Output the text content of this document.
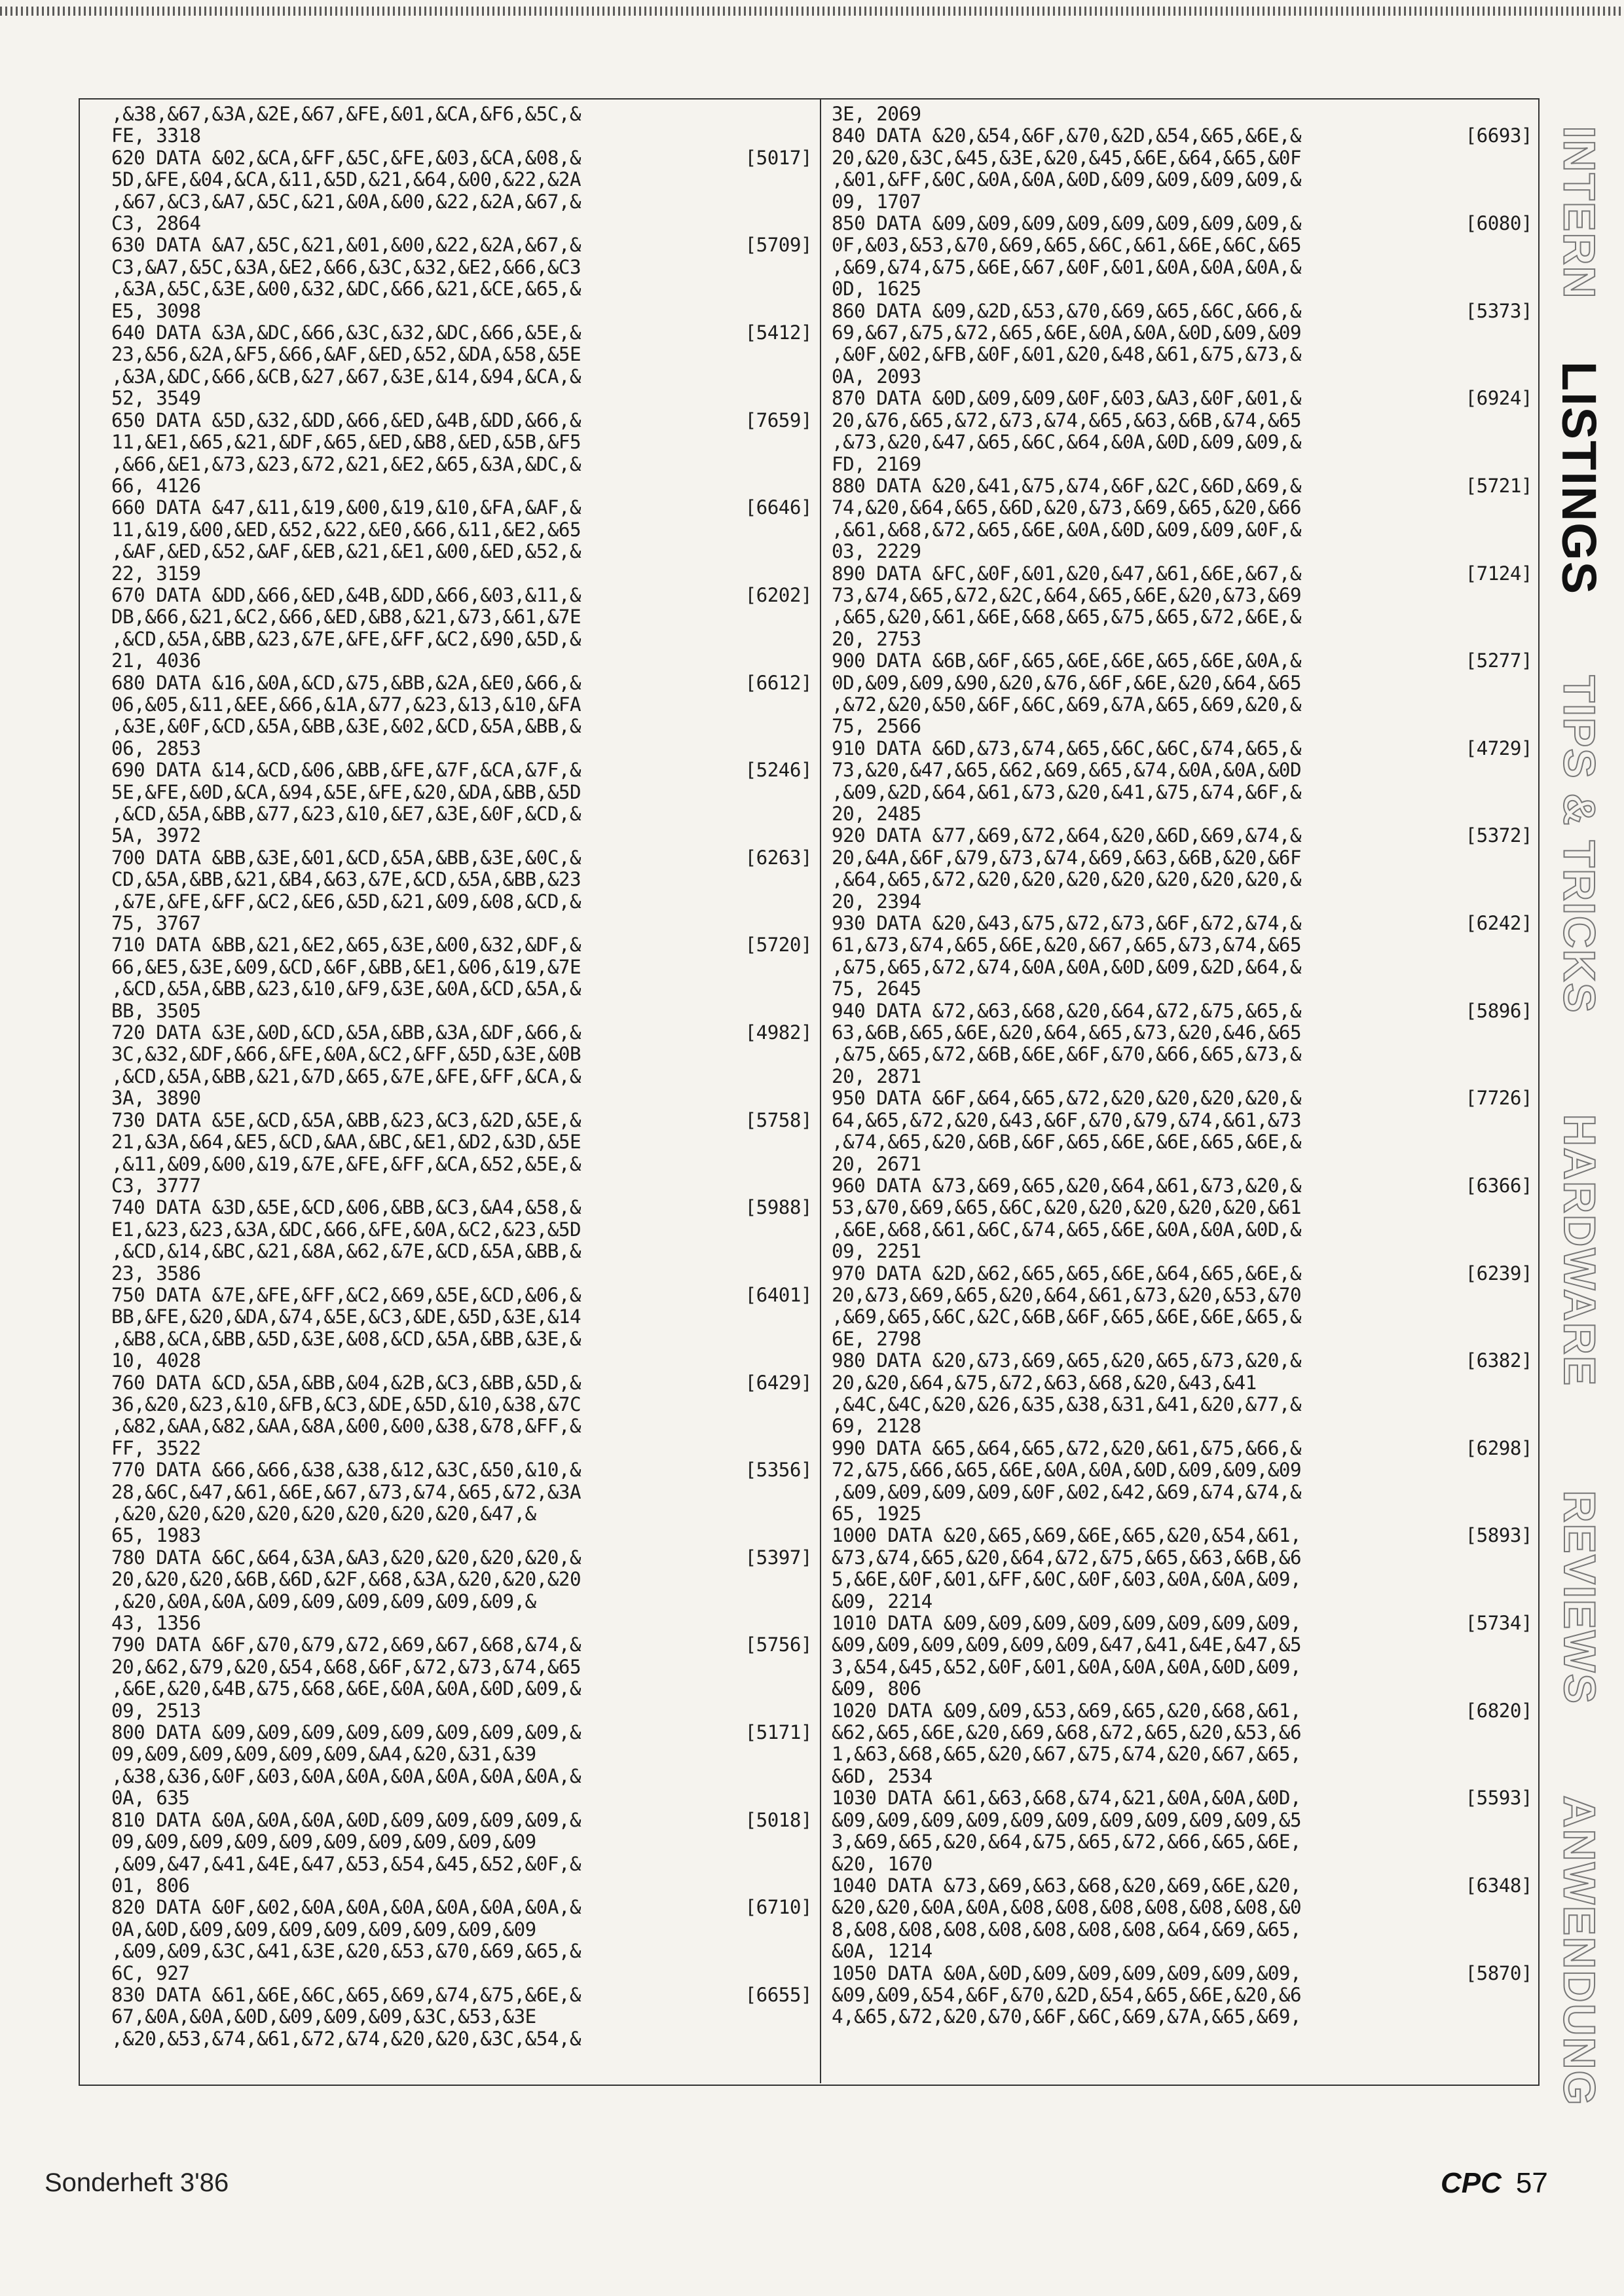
,&38,&67,&3A,&2E,&67,&FE,&01,&CA,&F6,&5C,&
FE, 3318
620 DATA &02,&CA,&FF,&5C,&FE,&03,&CA,&08,&
5D,&FE,&04,&CA,&11,&5D,&21,&64,&00,&22,&2A
,&67,&C3,&A7,&5C,&21,&0A,&00,&22,&2A,&67,&
C3, 2864
[5017]
630 DATA &A7,&5C,&21,&01,&00,&22,&2A,&67,&
C3,&A7,&5C,&3A,&E2,&66,&3C,&32,&E2,&66,&C3
,&3A,&5C,&3E,&00,&32,&DC,&66,&21,&CE,&65,&
E5, 3098
[5709]
640 DATA &3A,&DC,&66,&3C,&32,&DC,&66,&5E,&
23,&56,&2A,&F5,&66,&AF,&ED,&52,&DA,&58,&5E
,&3A,&DC,&66,&CB,&27,&67,&3E,&14,&94,&CA,&
52, 3549
[5412]
650 DATA &5D,&32,&DD,&66,&ED,&4B,&DD,&66,&
11,&E1,&65,&21,&DF,&65,&ED,&B8,&ED,&5B,&F5
,&66,&E1,&73,&23,&72,&21,&E2,&65,&3A,&DC,&
66, 4126
[7659]
660 DATA &47,&11,&19,&00,&19,&10,&FA,&AF,&
11,&19,&00,&ED,&52,&22,&E0,&66,&11,&E2,&65
,&AF,&ED,&52,&AF,&EB,&21,&E1,&00,&ED,&52,&
22, 3159
[6646]
670 DATA &DD,&66,&ED,&4B,&DD,&66,&03,&11,&
DB,&66,&21,&C2,&66,&ED,&B8,&21,&73,&61,&7E
,&CD,&5A,&BB,&23,&7E,&FE,&FF,&C2,&90,&5D,&
21, 4036
[6202]
680 DATA &16,&0A,&CD,&75,&BB,&2A,&E0,&66,&
06,&05,&11,&EE,&66,&1A,&77,&23,&13,&10,&FA
,&3E,&0F,&CD,&5A,&BB,&3E,&02,&CD,&5A,&BB,&
06, 2853
[6612]
690 DATA &14,&CD,&06,&BB,&FE,&7F,&CA,&7F,&
5E,&FE,&0D,&CA,&94,&5E,&FE,&20,&DA,&BB,&5D
,&CD,&5A,&BB,&77,&23,&10,&E7,&3E,&0F,&CD,&
5A, 3972
[5246]
700 DATA &BB,&3E,&01,&CD,&5A,&BB,&3E,&0C,&
CD,&5A,&BB,&21,&B4,&63,&7E,&CD,&5A,&BB,&23
,&7E,&FE,&FF,&C2,&E6,&5D,&21,&09,&08,&CD,&
75, 3767
[6263]
710 DATA &BB,&21,&E2,&65,&3E,&00,&32,&DF,&
66,&E5,&3E,&09,&CD,&6F,&BB,&E1,&06,&19,&7E
,&CD,&5A,&BB,&23,&10,&F9,&3E,&0A,&CD,&5A,&
BB, 3505
[5720]
720 DATA &3E,&0D,&CD,&5A,&BB,&3A,&DF,&66,&
3C,&32,&DF,&66,&FE,&0A,&C2,&FF,&5D,&3E,&0B
,&CD,&5A,&BB,&21,&7D,&65,&7E,&FE,&FF,&CA,&
3A, 3890
[4982]
730 DATA &5E,&CD,&5A,&BB,&23,&C3,&2D,&5E,&
21,&3A,&64,&E5,&CD,&AA,&BC,&E1,&D2,&3D,&5E
,&11,&09,&00,&19,&7E,&FE,&FF,&CA,&52,&5E,&
C3, 3777
[5758]
740 DATA &3D,&5E,&CD,&06,&BB,&C3,&A4,&58,&
E1,&23,&23,&3A,&DC,&66,&FE,&0A,&C2,&23,&5D
,&CD,&14,&BC,&21,&8A,&62,&7E,&CD,&5A,&BB,&
23, 3586
[5988]
750 DATA &7E,&FE,&FF,&C2,&69,&5E,&CD,&06,&
BB,&FE,&20,&DA,&74,&5E,&C3,&DE,&5D,&3E,&14
,&B8,&CA,&BB,&5D,&3E,&08,&CD,&5A,&BB,&3E,&
10, 4028
[6401]
760 DATA &CD,&5A,&BB,&04,&2B,&C3,&BB,&5D,&
36,&20,&23,&10,&FB,&C3,&DE,&5D,&10,&38,&7C
,&82,&AA,&82,&AA,&8A,&00,&00,&38,&78,&FF,&
FF, 3522
[6429]
770 DATA &66,&66,&38,&38,&12,&3C,&50,&10,&
28,&6C,&47,&61,&6E,&67,&73,&74,&65,&72,&3A
,&20,&20,&20,&20,&20,&20,&20,&20,&47,&
65, 1983
[5356]
780 DATA &6C,&64,&3A,&A3,&20,&20,&20,&20,&
20,&20,&20,&6B,&6D,&2F,&68,&3A,&20,&20,&20
,&20,&0A,&0A,&09,&09,&09,&09,&09,&09,&
43, 1356
[5397]
790 DATA &6F,&70,&79,&72,&69,&67,&68,&74,&
20,&62,&79,&20,&54,&68,&6F,&72,&73,&74,&65
,&6E,&20,&4B,&75,&68,&6E,&0A,&0A,&0D,&09,&
09, 2513
[5756]
800 DATA &09,&09,&09,&09,&09,&09,&09,&09,&
09,&09,&09,&09,&09,&09,&A4,&20,&31,&39
,&38,&36,&0F,&03,&0A,&0A,&0A,&0A,&0A,&0A,&
0A, 635
[5171]
810 DATA &0A,&0A,&0A,&0D,&09,&09,&09,&09,&
09,&09,&09,&09,&09,&09,&09,&09,&09,&09
,&09,&47,&41,&4E,&47,&53,&54,&45,&52,&0F,&
01, 806
[5018]
820 DATA &0F,&02,&0A,&0A,&0A,&0A,&0A,&0A,&
0A,&0D,&09,&09,&09,&09,&09,&09,&09,&09
,&09,&09,&3C,&41,&3E,&20,&53,&70,&69,&65,&
6C, 927
[6710]
830 DATA &61,&6E,&6C,&65,&69,&74,&75,&6E,&
67,&0A,&0A,&0D,&09,&09,&09,&3C,&53,&3E
,&20,&53,&74,&61,&72,&74,&20,&20,&3C,&54,&
[6655]
3E, 2069
840 DATA &20,&54,&6F,&70,&2D,&54,&65,&6E,&
20,&20,&3C,&45,&3E,&20,&45,&6E,&64,&65,&0F
,&01,&FF,&0C,&0A,&0A,&0D,&09,&09,&09,&09,&
09, 1707
[6693]
850 DATA &09,&09,&09,&09,&09,&09,&09,&09,&
0F,&03,&53,&70,&69,&65,&6C,&61,&6E,&6C,&65
,&69,&74,&75,&6E,&67,&0F,&01,&0A,&0A,&0A,&
0D, 1625
[6080]
860 DATA &09,&2D,&53,&70,&69,&65,&6C,&66,&
69,&67,&75,&72,&65,&6E,&0A,&0A,&0D,&09,&09
,&0F,&02,&FB,&0F,&01,&20,&48,&61,&75,&73,&
0A, 2093
[5373]
870 DATA &0D,&09,&09,&0F,&03,&A3,&0F,&01,&
20,&76,&65,&72,&73,&74,&65,&63,&6B,&74,&65
,&73,&20,&47,&65,&6C,&64,&0A,&0D,&09,&09,&
FD, 2169
[6924]
880 DATA &20,&41,&75,&74,&6F,&2C,&6D,&69,&
74,&20,&64,&65,&6D,&20,&73,&69,&65,&20,&66
,&61,&68,&72,&65,&6E,&0A,&0D,&09,&09,&0F,&
03, 2229
[5721]
890 DATA &FC,&0F,&01,&20,&47,&61,&6E,&67,&
73,&74,&65,&72,&2C,&64,&65,&6E,&20,&73,&69
,&65,&20,&61,&6E,&68,&65,&75,&65,&72,&6E,&
20, 2753
[7124]
900 DATA &6B,&6F,&65,&6E,&6E,&65,&6E,&0A,&
0D,&09,&09,&90,&20,&76,&6F,&6E,&20,&64,&65
,&72,&20,&50,&6F,&6C,&69,&7A,&65,&69,&20,&
75, 2566
[5277]
910 DATA &6D,&73,&74,&65,&6C,&6C,&74,&65,&
73,&20,&47,&65,&62,&69,&65,&74,&0A,&0A,&0D
,&09,&2D,&64,&61,&73,&20,&41,&75,&74,&6F,&
20, 2485
[4729]
920 DATA &77,&69,&72,&64,&20,&6D,&69,&74,&
20,&4A,&6F,&79,&73,&74,&69,&63,&6B,&20,&6F
,&64,&65,&72,&20,&20,&20,&20,&20,&20,&20,&
20, 2394
[5372]
930 DATA &20,&43,&75,&72,&73,&6F,&72,&74,&
61,&73,&74,&65,&6E,&20,&67,&65,&73,&74,&65
,&75,&65,&72,&74,&0A,&0A,&0D,&09,&2D,&64,&
75, 2645
[6242]
940 DATA &72,&63,&68,&20,&64,&72,&75,&65,&
63,&6B,&65,&6E,&20,&64,&65,&73,&20,&46,&65
,&75,&65,&72,&6B,&6E,&6F,&70,&66,&65,&73,&
20, 2871
[5896]
950 DATA &6F,&64,&65,&72,&20,&20,&20,&20,&
64,&65,&72,&20,&43,&6F,&70,&79,&74,&61,&73
,&74,&65,&20,&6B,&6F,&65,&6E,&6E,&65,&6E,&
20, 2671
[7726]
960 DATA &73,&69,&65,&20,&64,&61,&73,&20,&
53,&70,&69,&65,&6C,&20,&20,&20,&20,&20,&61
,&6E,&68,&61,&6C,&74,&65,&6E,&0A,&0A,&0D,&
09, 2251
[6366]
970 DATA &2D,&62,&65,&65,&6E,&64,&65,&6E,&
20,&73,&69,&65,&20,&64,&61,&73,&20,&53,&70
,&69,&65,&6C,&2C,&6B,&6F,&65,&6E,&6E,&65,&
6E, 2798
[6239]
980 DATA &20,&73,&69,&65,&20,&65,&73,&20,&
20,&20,&64,&75,&72,&63,&68,&20,&43,&41
,&4C,&4C,&20,&26,&35,&38,&31,&41,&20,&77,&
69, 2128
[6382]
990 DATA &65,&64,&65,&72,&20,&61,&75,&66,&
72,&75,&66,&65,&6E,&0A,&0A,&0D,&09,&09,&09
,&09,&09,&09,&09,&0F,&02,&42,&69,&74,&74,&
65, 1925
[6298]
1000 DATA &20,&65,&69,&6E,&65,&20,&54,&61,
&73,&74,&65,&20,&64,&72,&75,&65,&63,&6B,&6
5,&6E,&0F,&01,&FF,&0C,&0F,&03,&0A,&0A,&09,
&09, 2214
[5893]
1010 DATA &09,&09,&09,&09,&09,&09,&09,&09,
&09,&09,&09,&09,&09,&09,&47,&41,&4E,&47,&5
3,&54,&45,&52,&0F,&01,&0A,&0A,&0A,&0D,&09,
&09, 806
[5734]
1020 DATA &09,&09,&53,&69,&65,&20,&68,&61,
&62,&65,&6E,&20,&69,&68,&72,&65,&20,&53,&6
1,&63,&68,&65,&20,&67,&75,&74,&20,&67,&65,
&6D, 2534
[6820]
1030 DATA &61,&63,&68,&74,&21,&0A,&0A,&0D,
&09,&09,&09,&09,&09,&09,&09,&09,&09,&09,&5
3,&69,&65,&20,&64,&75,&65,&72,&66,&65,&6E,
&20, 1670
[5593]
1040 DATA &73,&69,&63,&68,&20,&69,&6E,&20,
&20,&20,&0A,&0A,&08,&08,&08,&08,&08,&08,&0
8,&08,&08,&08,&08,&08,&08,&08,&64,&69,&65,
&0A, 1214
[6348]
1050 DATA &0A,&0D,&09,&09,&09,&09,&09,&09,
&09,&09,&54,&6F,&70,&2D,&54,&65,&6E,&20,&6
4,&65,&72,&20,&70,&6F,&6C,&69,&7A,&65,&69,
[5870]
INTERN
LISTINGS
TIPS & TRICKS
HARDWARE
REVIEWS
ANWENDUNG
Sonderheft 3'86	CPC 57
